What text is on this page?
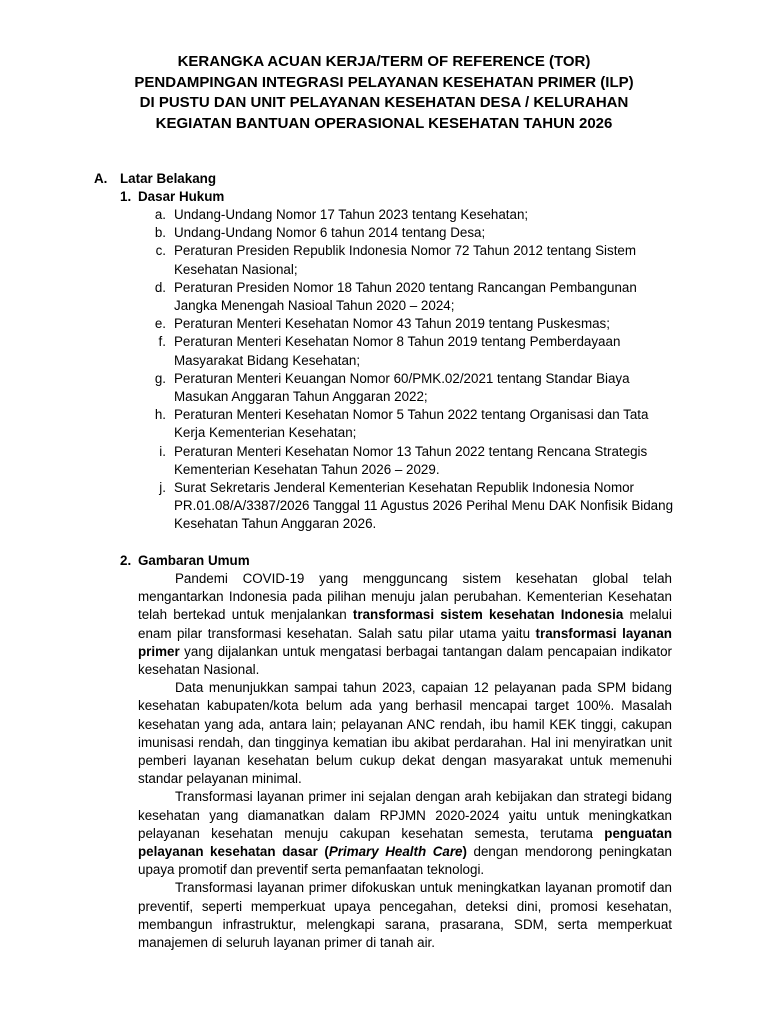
KERANGKA ACUAN KERJA/TERM OF REFERENCE (TOR)
PENDAMPINGAN INTEGRASI PELAYANAN KESEHATAN PRIMER (ILP)
DI PUSTU DAN UNIT PELAYANAN KESEHATAN DESA / KELURAHAN
KEGIATAN BANTUAN OPERASIONAL KESEHATAN TAHUN 2026
A. Latar Belakang
1. Dasar Hukum
a. Undang-Undang Nomor 17 Tahun 2023 tentang Kesehatan;
b. Undang-Undang Nomor 6 tahun 2014 tentang Desa;
c. Peraturan Presiden Republik Indonesia Nomor 72 Tahun 2012 tentang Sistem Kesehatan Nasional;
d. Peraturan Presiden Nomor 18 Tahun 2020 tentang Rancangan Pembangunan Jangka Menengah Nasioal Tahun 2020 – 2024;
e. Peraturan Menteri Kesehatan Nomor 43 Tahun 2019 tentang Puskesmas;
f. Peraturan Menteri Kesehatan Nomor 8 Tahun 2019 tentang Pemberdayaan Masyarakat Bidang Kesehatan;
g. Peraturan Menteri Keuangan Nomor 60/PMK.02/2021 tentang Standar Biaya Masukan Anggaran Tahun Anggaran 2022;
h. Peraturan Menteri Kesehatan Nomor 5 Tahun 2022 tentang Organisasi dan Tata Kerja Kementerian Kesehatan;
i. Peraturan Menteri Kesehatan Nomor 13 Tahun 2022 tentang Rencana Strategis Kementerian Kesehatan Tahun 2026 – 2029.
j. Surat Sekretaris Jenderal Kementerian Kesehatan Republik Indonesia Nomor PR.01.08/A/3387/2026 Tanggal 11 Agustus 2026 Perihal Menu DAK Nonfisik Bidang Kesehatan Tahun Anggaran 2026.
2. Gambaran Umum

Pandemi COVID-19 yang mengguncang sistem kesehatan global telah mengantarkan Indonesia pada pilihan menuju jalan perubahan. Kementerian Kesehatan telah bertekad untuk menjalankan transformasi sistem kesehatan Indonesia melalui enam pilar transformasi kesehatan. Salah satu pilar utama yaitu transformasi layanan primer yang dijalankan untuk mengatasi berbagai tantangan dalam pencapaian indikator kesehatan Nasional.

Data menunjukkan sampai tahun 2023, capaian 12 pelayanan pada SPM bidang kesehatan kabupaten/kota belum ada yang berhasil mencapai target 100%. Masalah kesehatan yang ada, antara lain; pelayanan ANC rendah, ibu hamil KEK tinggi, cakupan imunisasi rendah, dan tingginya kematian ibu akibat perdarahan. Hal ini menyiratkan unit pemberi layanan kesehatan belum cukup dekat dengan masyarakat untuk memenuhi standar pelayanan minimal.

Transformasi layanan primer ini sejalan dengan arah kebijakan dan strategi bidang kesehatan yang diamanatkan dalam RPJMN 2020-2024 yaitu untuk meningkatkan pelayanan kesehatan menuju cakupan kesehatan semesta, terutama penguatan pelayanan kesehatan dasar (Primary Health Care) dengan mendorong peningkatan upaya promotif dan preventif serta pemanfaatan teknologi.

Transformasi layanan primer difokuskan untuk meningkatkan layanan promotif dan preventif, seperti memperkuat upaya pencegahan, deteksi dini, promosi kesehatan, membangun infrastruktur, melengkapi sarana, prasarana, SDM, serta memperkuat manajemen di seluruh layanan primer di tanah air.
